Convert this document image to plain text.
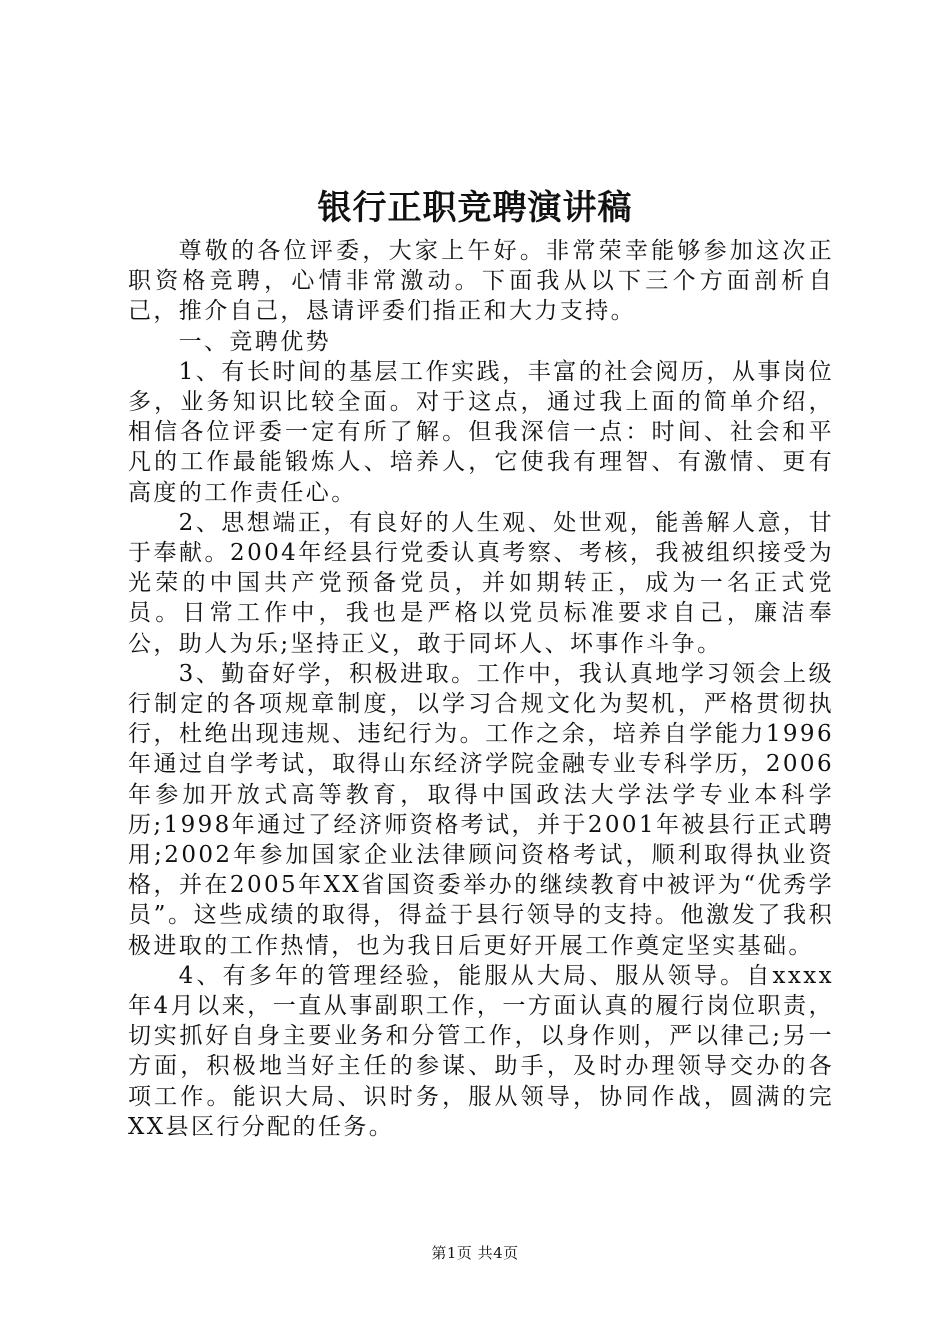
银行正职竞聘演讲稿

尊敬的各位评委，大家上午好。非常荣幸能够参加这次正职资格竞聘，心情非常激动。下面我从以下三个方面剖析自己，推介自己，恳请评委们指正和大力支持。

一、竞聘优势

1、有长时间的基层工作实践，丰富的社会阅历，从事岗位多，业务知识比较全面。对于这点，通过我上面的简单介绍，相信各位评委一定有所了解。但我深信一点：时间、社会和平凡的工作最能锻炼人、培养人，它使我有理智、有激情、更有高度的工作责任心。

2、思想端正，有良好的人生观、处世观，能善解人意，甘于奉献。2004年经县行党委认真考察、考核，我被组织接受为光荣的中国共产党预备党员，并如期转正，成为一名正式党员。日常工作中，我也是严格以党员标准要求自己，廉洁奉公，助人为乐;坚持正义，敢于同坏人、坏事作斗争。

3、勤奋好学，积极进取。工作中，我认真地学习领会上级行制定的各项规章制度，以学习合规文化为契机，严格贯彻执行，杜绝出现违规、违纪行为。工作之余，培养自学能力1996年通过自学考试，取得山东经济学院金融专业专科学历，2006年参加开放式高等教育，取得中国政法大学法学专业本科学历;1998年通过了经济师资格考试，并于2001年被县行正式聘用;2002年参加国家企业法律顾问资格考试，顺利取得执业资格，并在2005年XX省国资委举办的继续教育中被评为“优秀学员”。这些成绩的取得，得益于县行领导的支持。他激发了我积极进取的工作热情，也为我日后更好开展工作奠定坚实基础。

4、有多年的管理经验，能服从大局、服从领导。自xxxx年4月以来，一直从事副职工作，一方面认真的履行岗位职责，切实抓好自身主要业务和分管工作，以身作则，严以律己;另一方面，积极地当好主任的参谋、助手，及时办理领导交办的各项工作。能识大局、识时务，服从领导，协同作战，圆满的完XX县区行分配的任务。

第1页 共4页
